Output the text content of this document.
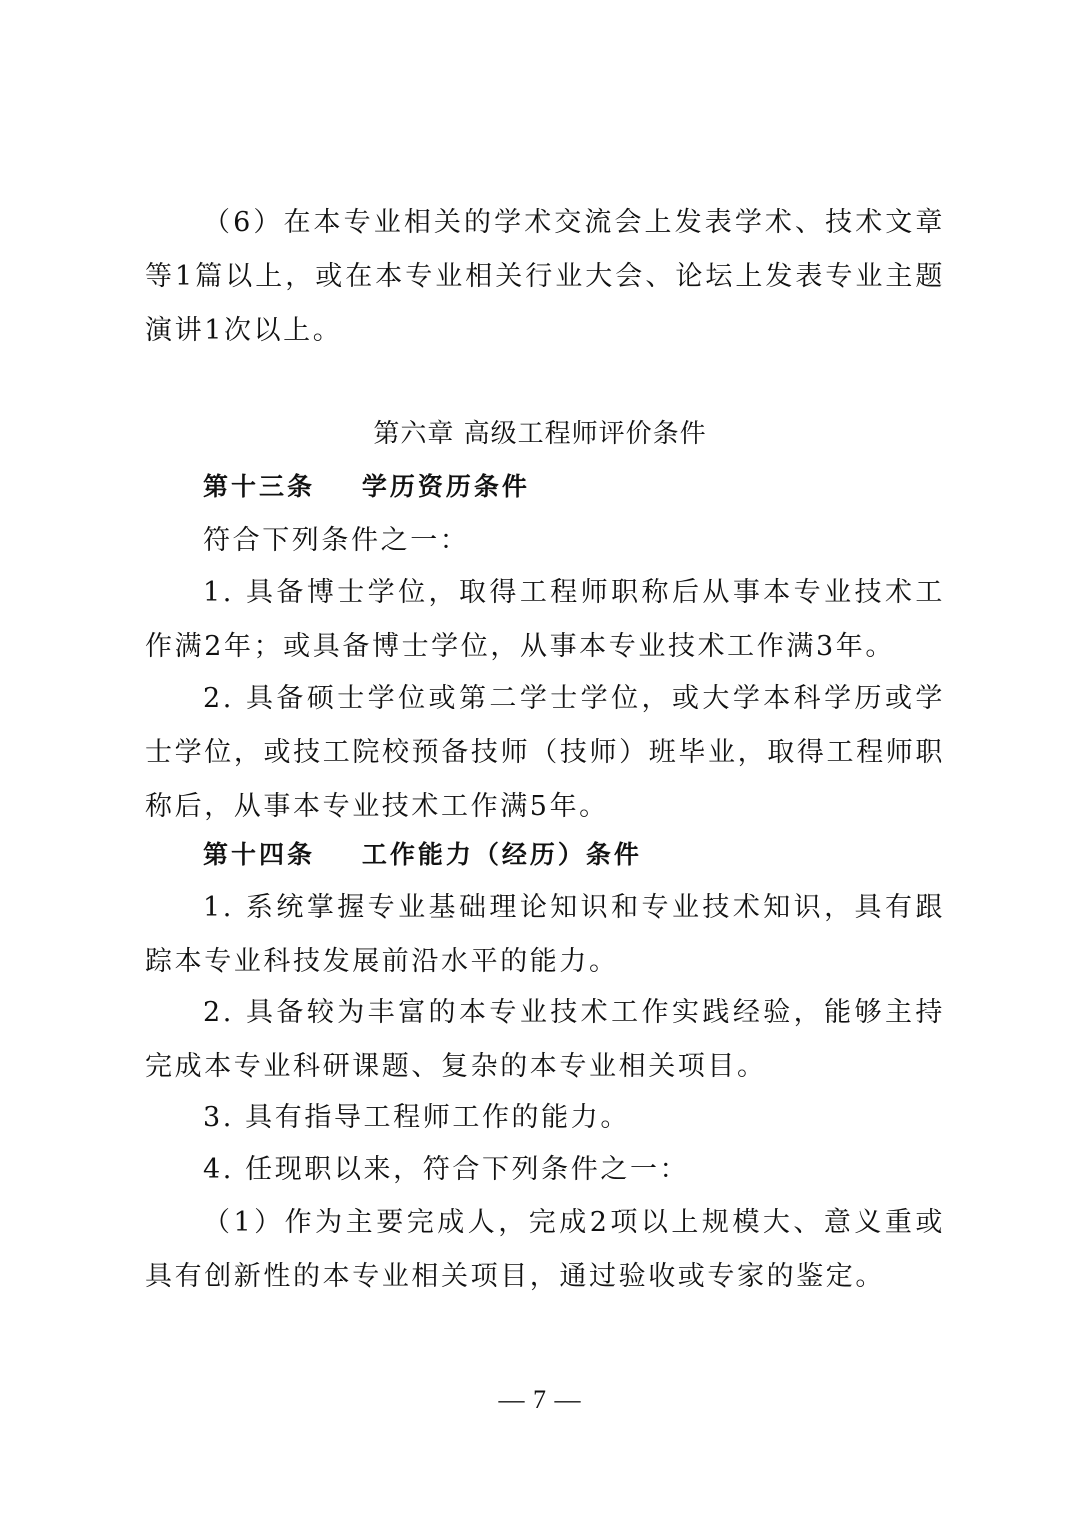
（6）在本专业相关的学术交流会上发表学术、技术文章等1篇以上，或在本专业相关行业大会、论坛上发表专业主题演讲1次以上。

第六章 高级工程师评价条件

第十三条    学历资历条件

符合下列条件之一：

1. 具备博士学位，取得工程师职称后从事本专业技术工作满2年；或具备博士学位，从事本专业技术工作满3年。

2. 具备硕士学位或第二学士学位，或大学本科学历或学士学位，或技工院校预备技师（技师）班毕业，取得工程师职称后，从事本专业技术工作满5年。

第十四条    工作能力（经历）条件

1. 系统掌握专业基础理论知识和专业技术知识，具有跟踪本专业科技发展前沿水平的能力。

2. 具备较为丰富的本专业技术工作实践经验，能够主持完成本专业科研课题、复杂的本专业相关项目。

3. 具有指导工程师工作的能力。

4. 任现职以来，符合下列条件之一：

（1）作为主要完成人，完成2项以上规模大、意义重或具有创新性的本专业相关项目，通过验收或专家的鉴定。

— 7 —
